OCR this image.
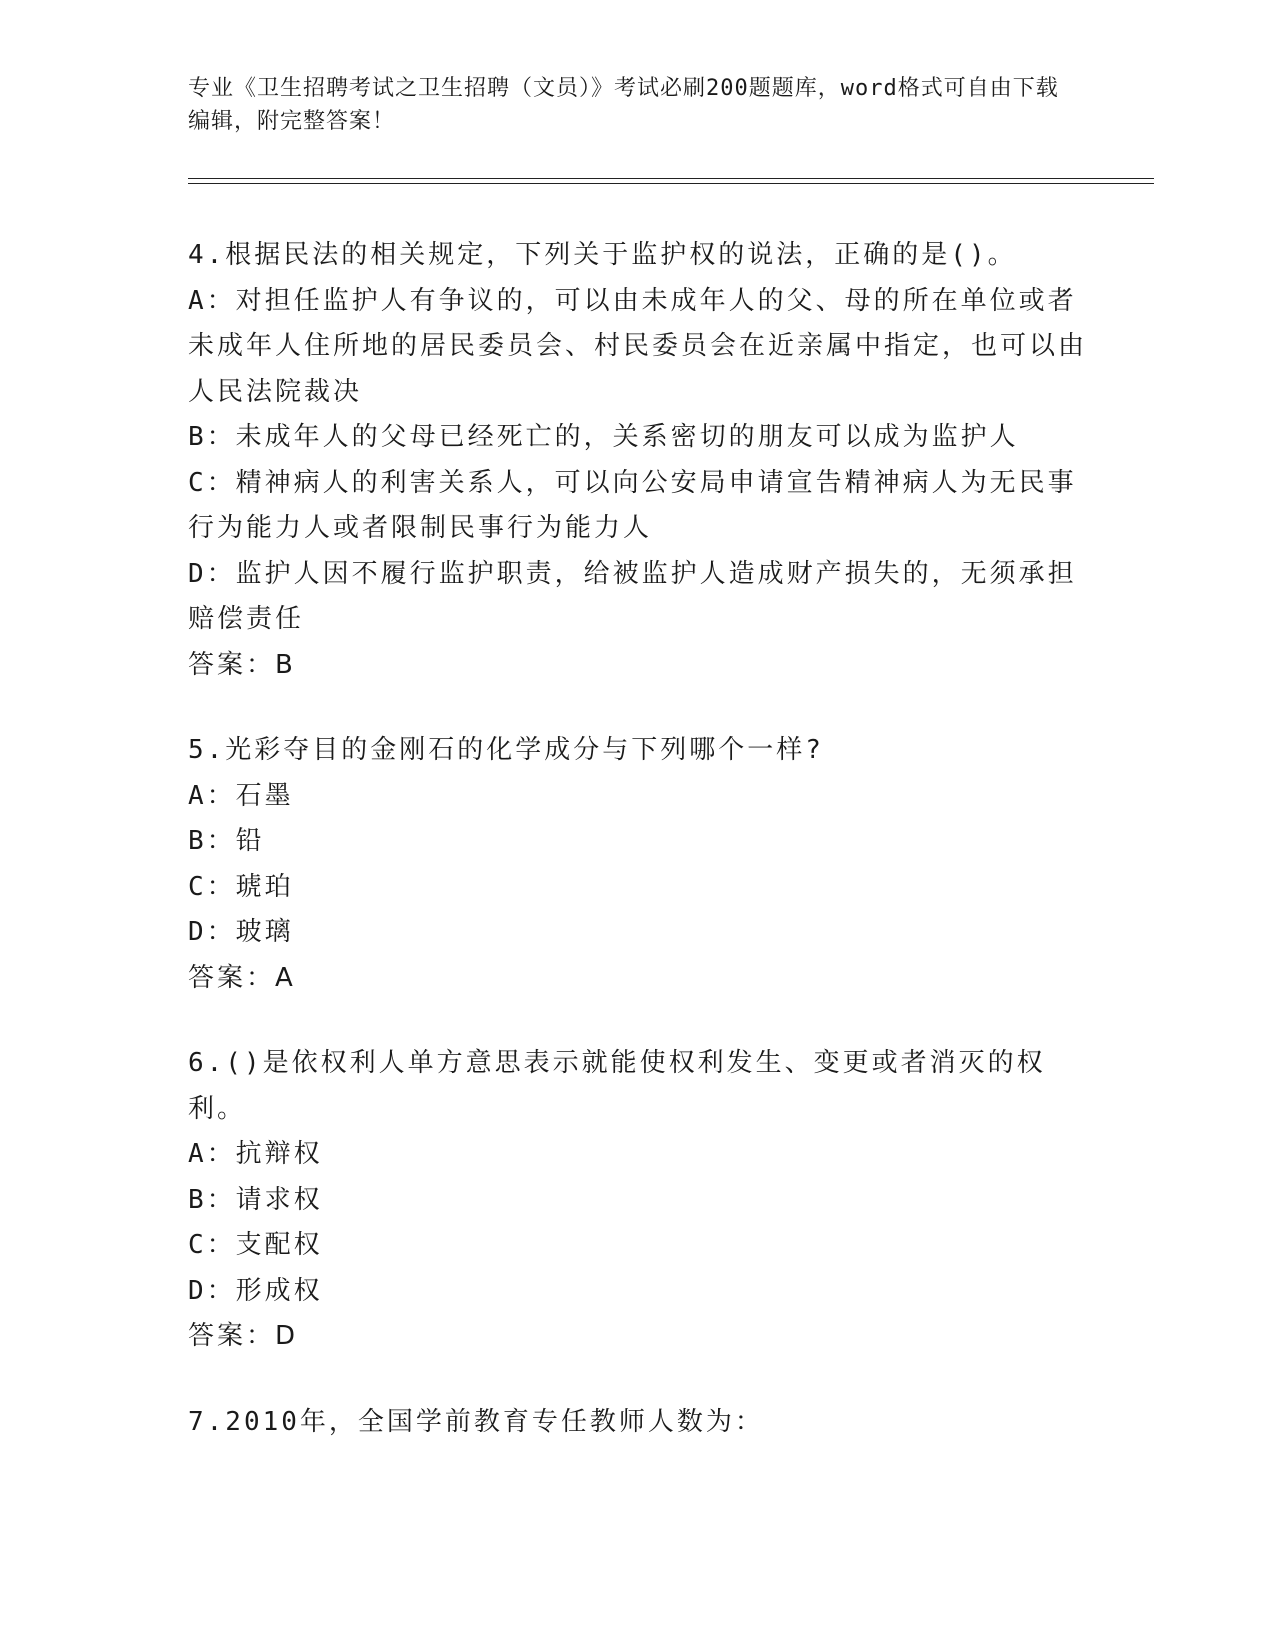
专业《卫生招聘考试之卫生招聘（文员）》考试必刷200题题库，word格式可自由下载编辑，附完整答案！
4.根据民法的相关规定，下列关于监护权的说法，正确的是()。
A：对担任监护人有争议的，可以由未成年人的父、母的所在单位或者未成年人住所地的居民委员会、村民委员会在近亲属中指定，也可以由人民法院裁决
B：未成年人的父母已经死亡的，关系密切的朋友可以成为监护人
C：精神病人的利害关系人，可以向公安局申请宣告精神病人为无民事行为能力人或者限制民事行为能力人
D：监护人因不履行监护职责，给被监护人造成财产损失的，无须承担赔偿责任
答案：B
5.光彩夺目的金刚石的化学成分与下列哪个一样?
A：石墨
B：铅
C：琥珀
D：玻璃
答案：A
6.()是依权利人单方意思表示就能使权利发生、变更或者消灭的权利。
A：抗辩权
B：请求权
C：支配权
D：形成权
答案：D
7.2010年，全国学前教育专任教师人数为：
